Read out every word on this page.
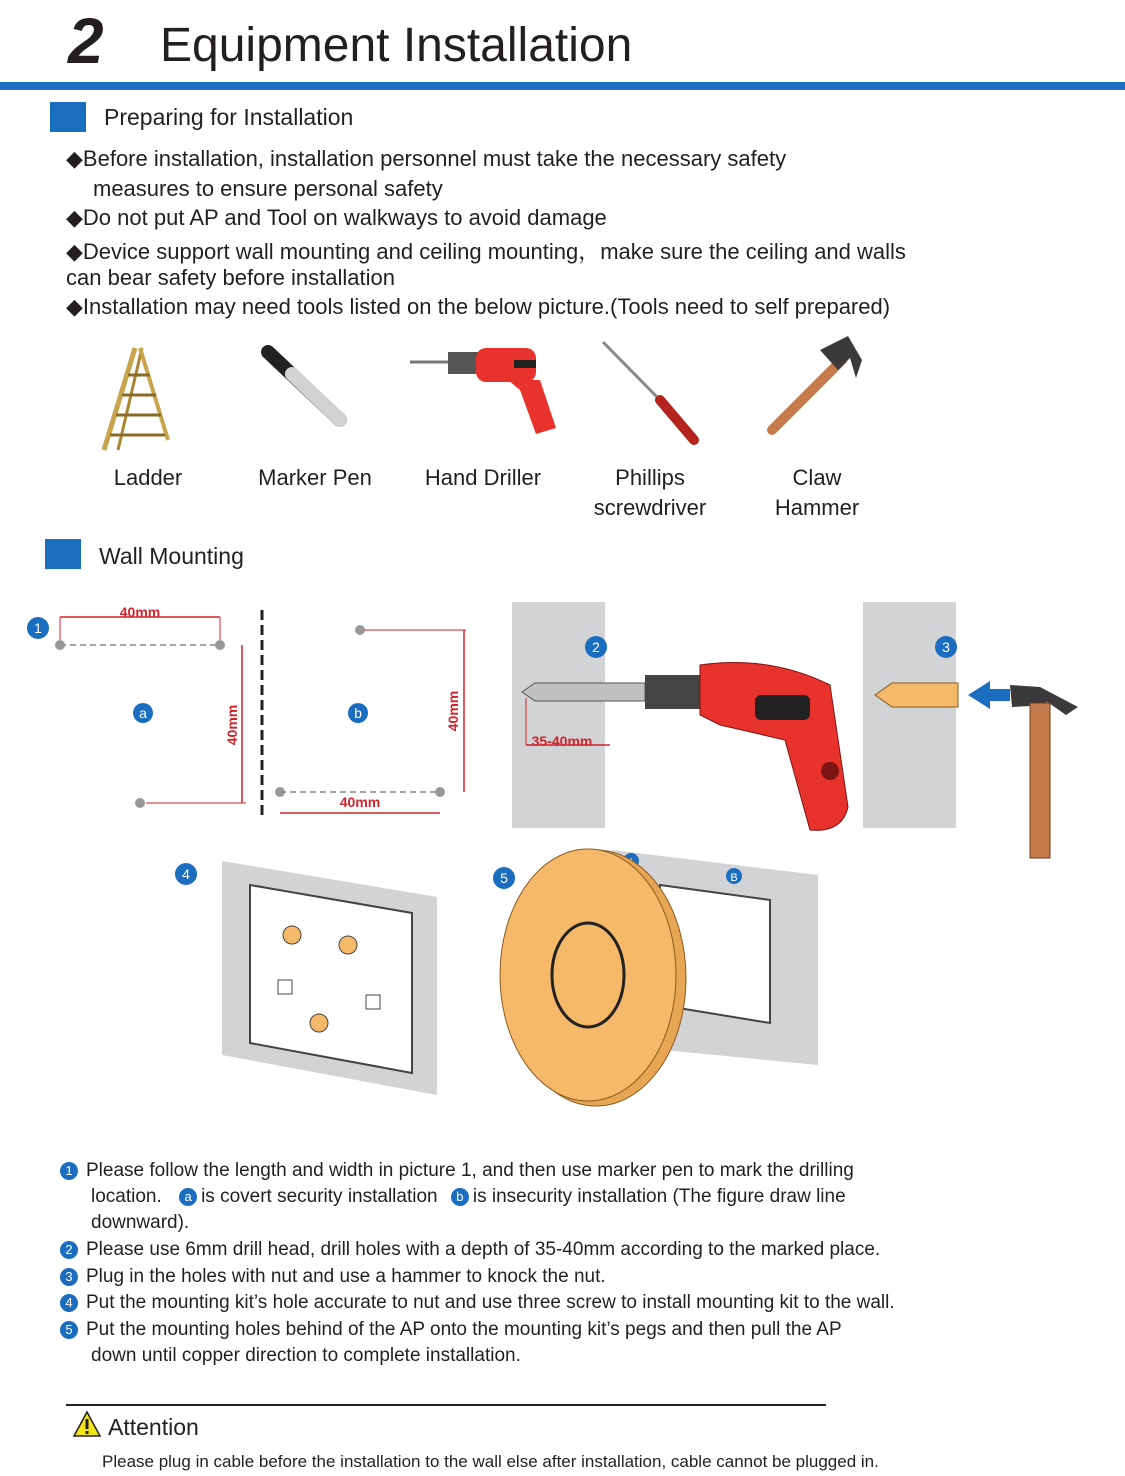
2 Equipment Installation
Preparing for Installation
◆Before installation, installation personnel must take the necessary safety
measures to ensure personal safety
◆Do not put AP and Tool on walkways to avoid damage
◆Device support wall mounting and ceiling mounting，make sure the ceiling and walls
can bear safety before installation
◆Installation may need tools listed on the below picture.(Tools need to self prepared)
Ladder	Marker Pen	Hand Driller	Phillips
screwdriver
Claw
Hammer
Wall Mounting
1
40mm
40mm
a	40mm
40mm
b
2
35-40mm
3
4	5	B
1 Please follow the length and width in picture 1, and then use marker pen to mark the drilling
location. a is covert security installation b is insecurity installation (The figure draw line
downward).
2 Please use 6mm drill head, drill holes with a depth of 35-40mm according to the marked place.
3 Plug in the holes with nut and use a hammer to knock the nut.
4 Put the mounting kit’s hole accurate to nut and use three screw to install mounting kit to the wall.
5 Put the mounting holes behind of the AP onto the mounting kit’s pegs and then pull the AP
down until copper direction to complete installation.
Attention
Please plug in cable before the installation to the wall else after installation, cable cannot be plugged in.
